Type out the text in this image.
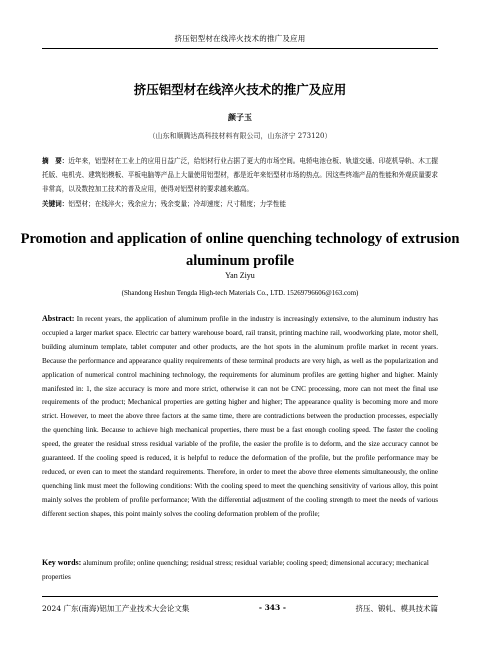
挤压铝型材在线淬火技术的推广及应用
挤压铝型材在线淬火技术的推广及应用
颜子玉
（山东和顺腾达高科技材料有限公司，山东济宁 273120）
摘　要：近年来，铝型材在工业上的应用日益广泛，给铝材行业占据了更大的市场空间。电轿电池仓板、轨道交通、印花机导轨、木工握托版、电机壳、建筑铝模板、平板电脑等产品上大量使用铝型材，都是近年来铝型材市场的热点。因这些终端产品的性能和外观质量要求非常高，以及数控加工技术的普及应用，使得对铝型材的要求越来越高。
关键词：铝型材；在线淬火；残余应力；残余变量；冷却速度；尺寸精度；力学性能
Promotion and application of online quenching technology of extrusion aluminum profile
Yan Ziyu
(Shandong Heshun Tengda High-tech Materials Co., LTD. 15269796606@163.com)
Abstract: In recent years, the application of aluminum profile in the industry is increasingly extensive, to the aluminum industry has occupied a larger market space. Electric car battery warehouse board, rail transit, printing machine rail, woodworking plate, motor shell, building aluminum template, tablet computer and other products, are the hot spots in the aluminum profile market in recent years. Because the performance and appearance quality requirements of these terminal products are very high, as well as the popularization and application of numerical control machining technology, the requirements for aluminum profiles are getting higher and higher. Mainly manifested in: 1, the size accuracy is more and more strict, otherwise it can not be CNC processing, more can not meet the final use requirements of the product; Mechanical properties are getting higher and higher; The appearance quality is becoming more and more strict. However, to meet the above three factors at the same time, there are contradictions between the production processes, especially the quenching link. Because to achieve high mechanical properties, there must be a fast enough cooling speed. The faster the cooling speed, the greater the residual stress residual variable of the profile, the easier the profile is to deform, and the size accuracy cannot be guaranteed. If the cooling speed is reduced, it is helpful to reduce the deformation of the profile, but the profile performance may be reduced, or even can to meet the standard requirements. Therefore, in order to meet the above three elements simultaneously, the online quenching link must meet the following conditions: With the cooling speed to meet the quenching sensitivity of various alloy, this point mainly solves the problem of profile performance; With the differential adjustment of the cooling strength to meet the needs of various different section shapes, this point mainly solves the cooling deformation problem of the profile;
Key words: aluminum profile; online quenching; residual stress; residual variable; cooling speed; dimensional accuracy; mechanical properties
2024 广东(南海)铝加工产业技术大会论文集	- 343 -	挤压、锻轧、模具技术篇
